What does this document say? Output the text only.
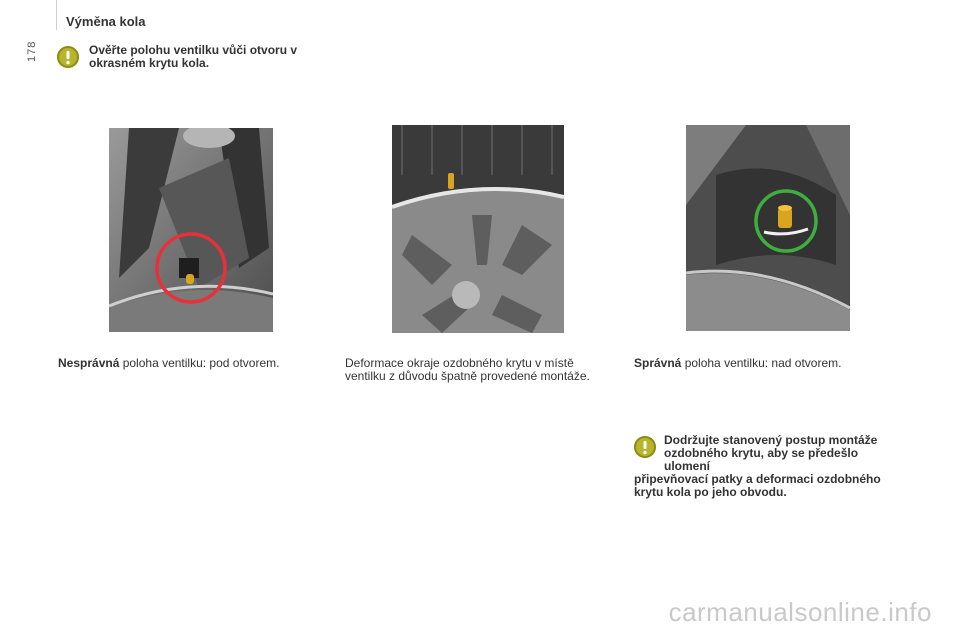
178
Výměna kola
Ověřte polohu ventilku vůči otvoru v okrasném krytu kola.
Nesprávná poloha ventilku: pod otvorem.	Deformace okraje ozdobného krytu v místě ventilku z důvodu špatně provedené montáže.
Správná poloha ventilku: nad otvorem.
Dodržujte stanovený postup montáže ozdobného krytu, aby se předešlo ulomení
připevňovací patky a deformaci ozdobného krytu kola po jeho obvodu.
carmanualsonline.info
